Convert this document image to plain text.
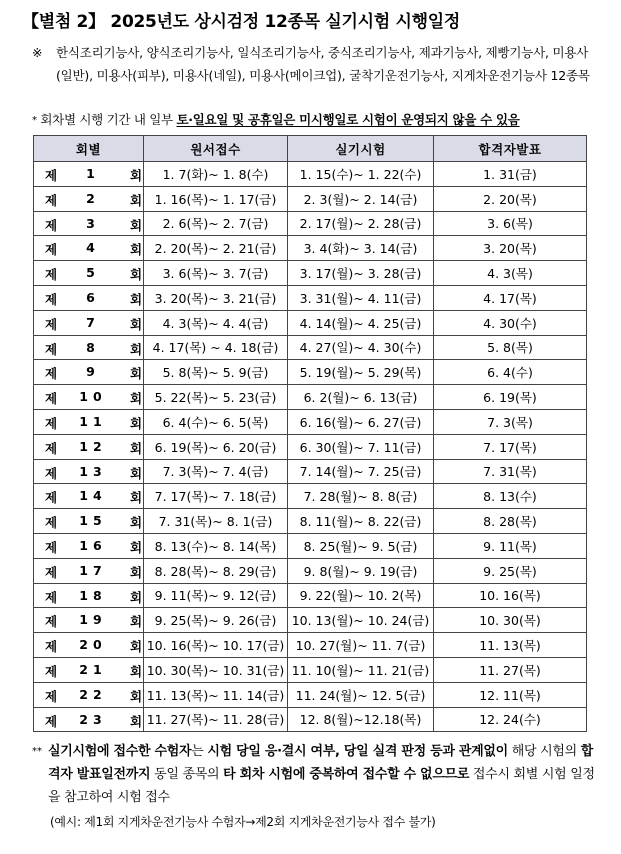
【별첨 2】 2025년도 상시검정 12종목 실기시험 시행일정
※ 한식조리기능사, 양식조리기능사, 일식조리기능사, 중식조리기능사, 제과기능사, 제빵기능사, 미용사(일반), 미용사(피부), 미용사(네일), 미용사(메이크업), 굴착기운전기능사, 지게차운전기능사 12종목
* 회차별 시행 기간 내 일부 토·일요일 및 공휴일은 미시행일로 시험이 운영되지 않을 수 있음
회별	원서접수	실기시험	합격자발표

제 1 회	1. 7(화)~ 1. 8(수)	1. 15(수)~ 1. 22(수)	1. 31(금)

제 2 회	1. 16(목)~ 1. 17(금)	2. 3(월)~ 2. 14(금)	2. 20(목)

제 3 회	2. 6(목)~ 2. 7(금)	2. 17(월)~ 2. 28(금)	3. 6(목)

제 4 회	2. 20(목)~ 2. 21(금)	3. 4(화)~ 3. 14(금)	3. 20(목)

제 5 회	3. 6(목)~ 3. 7(금)	3. 17(월)~ 3. 28(금)	4. 3(목)

제 6 회	3. 20(목)~ 3. 21(금)	3. 31(월)~ 4. 11(금)	4. 17(목)

제 7 회	4. 3(목)~ 4. 4(금)	4. 14(월)~ 4. 25(금)	4. 30(수)

제 8 회	4. 17(목) ~ 4. 18(금)	4. 27(일)~ 4. 30(수)	5. 8(목)

제 9 회	5. 8(목)~ 5. 9(금)	5. 19(월)~ 5. 29(목)	6. 4(수)

제 10 회	5. 22(목)~ 5. 23(금)	6. 2(월)~ 6. 13(금)	6. 19(목)

제 11 회	6. 4(수)~ 6. 5(목)	6. 16(월)~ 6. 27(금)	7. 3(목)

제 12 회	6. 19(목)~ 6. 20(금)	6. 30(월)~ 7. 11(금)	7. 17(목)

제 13 회	7. 3(목)~ 7. 4(금)	7. 14(월)~ 7. 25(금)	7. 31(목)

제 14 회	7. 17(목)~ 7. 18(금)	7. 28(월)~ 8. 8(금)	8. 13(수)

제 15 회	7. 31(목)~ 8. 1(금)	8. 11(월)~ 8. 22(금)	8. 28(목)

제 16 회	8. 13(수)~ 8. 14(목)	8. 25(월)~ 9. 5(금)	9. 11(목)

제 17 회	8. 28(목)~ 8. 29(금)	9. 8(월)~ 9. 19(금)	9. 25(목)

제 18 회	9. 11(목)~ 9. 12(금)	9. 22(월)~ 10. 2(목)	10. 16(목)

제 19 회	9. 25(목)~ 9. 26(금)	10. 13(월)~ 10. 24(금)	10. 30(목)

제 20 회	10. 16(목)~ 10. 17(금)	10. 27(월)~ 11. 7(금)	11. 13(목)

제 21 회	10. 30(목)~ 10. 31(금)	11. 10(월)~ 11. 21(금)	11. 27(목)

제 22 회	11. 13(목)~ 11. 14(금)	11. 24(월)~ 12. 5(금)	12. 11(목)

제 23 회	11. 27(목)~ 11. 28(금)	12. 8(월)~12.18(목)	12. 24(수)
** 실기시험에 접수한 수험자는 시험 당일 응·결시 여부, 당일 실격 판정 등과 관계없이 해당 시험의 합격자 발표일전까지 동일 종목의 타 회차 시험에 중복하여 접수할 수 없으므로 접수시 회별 시험 일정을 참고하여 시험 접수
(예시: 제1회 지게차운전기능사 수험자→제2회 지게차운전기능사 접수 불가)
